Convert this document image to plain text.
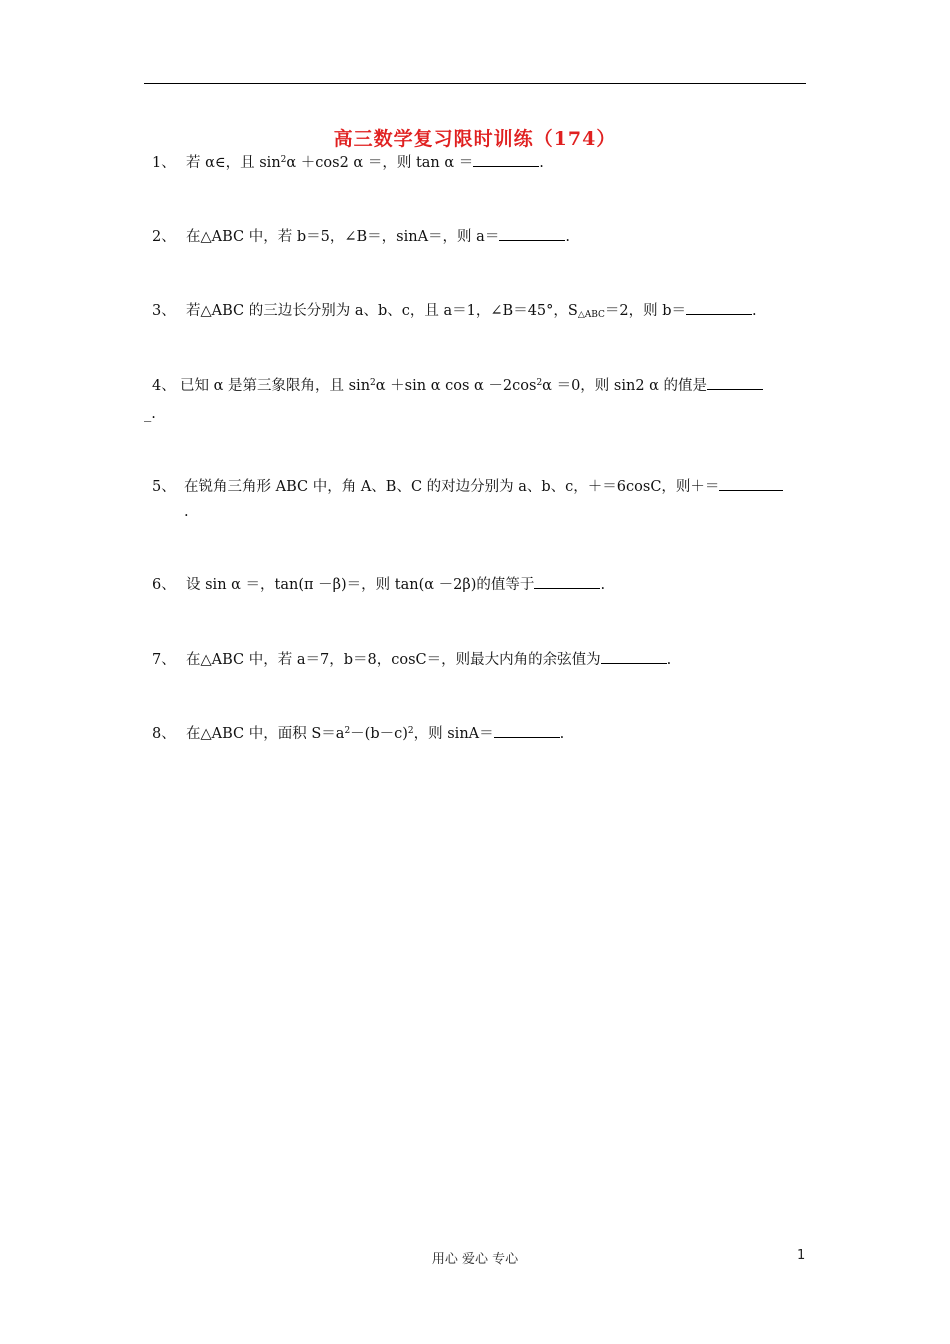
高三数学复习限时训练（174）
1、 若 α∈，且 $\sin^2\alpha +\cos 2$ α ＝，则 tan α ＝	.
2、 在△ABC 中，若 b＝5，∠B＝，sinA＝，则 a＝	.
3、 若△ABC 的三边长分别为 a、b、c，且 a＝1，∠B＝45°，$S_{\triangle ABC}=2$，则 b＝	.
4、 已知 α 是第三象限角，且 $\sin^2\alpha +\sin$ α $\cos \alpha -2\cos^2\alpha =0$，则 sin2 α 的值是
_.
5、 在锐角三角形 ABC 中，角 A、B、C 的对边分别为 a、b、c，＋＝6cosC，则＋＝
.
6、 设 sin α ＝，tan(π －β)＝，则 tan(α －2β)的值等于	.
7、 在△ABC 中，若 a＝7，b＝8，cosC＝，则最大内角的余弦值为	.
8、 在△ABC 中，面积 $S=a^2-(b-c)^2$，则 sinA＝	.
用心 爱心 专心	1
